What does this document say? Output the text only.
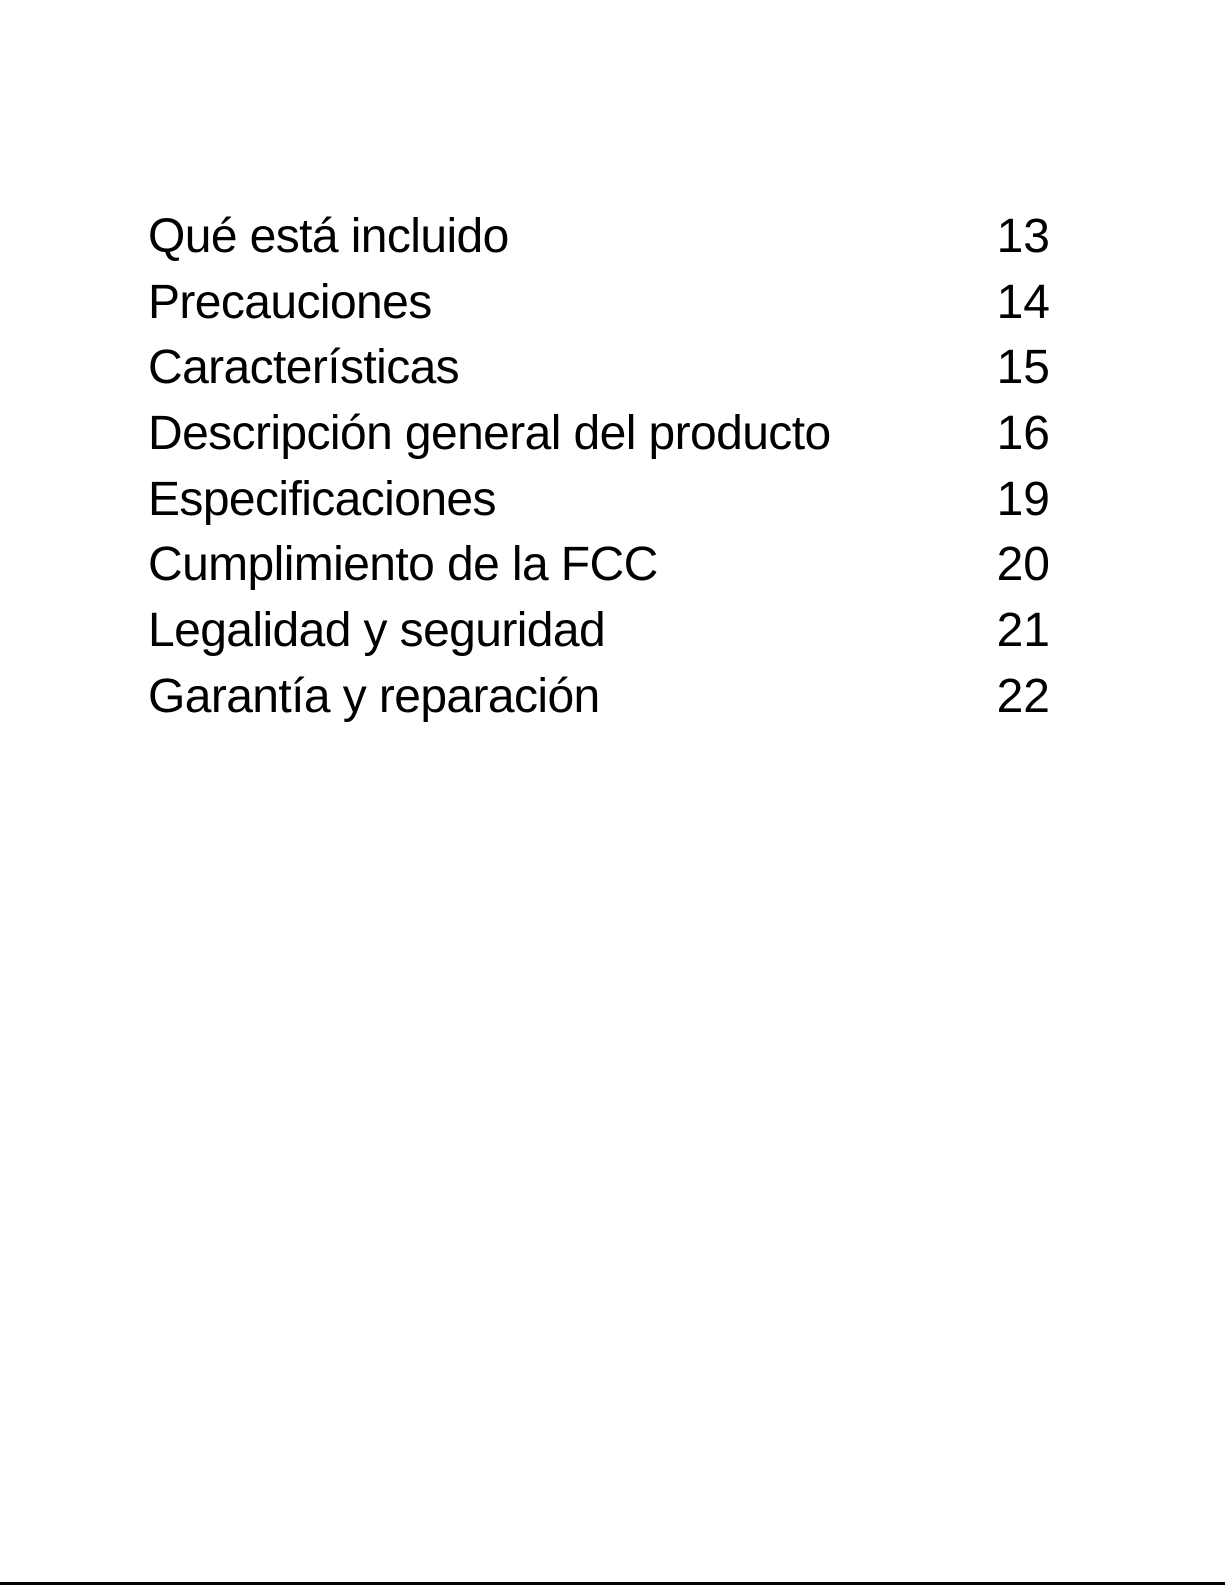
Qué está incluido	13
Precauciones	14
Características	15
Descripción general del producto	16
Especificaciones	19
Cumplimiento de la FCC	20
Legalidad y seguridad	21
Garantía y reparación	22
